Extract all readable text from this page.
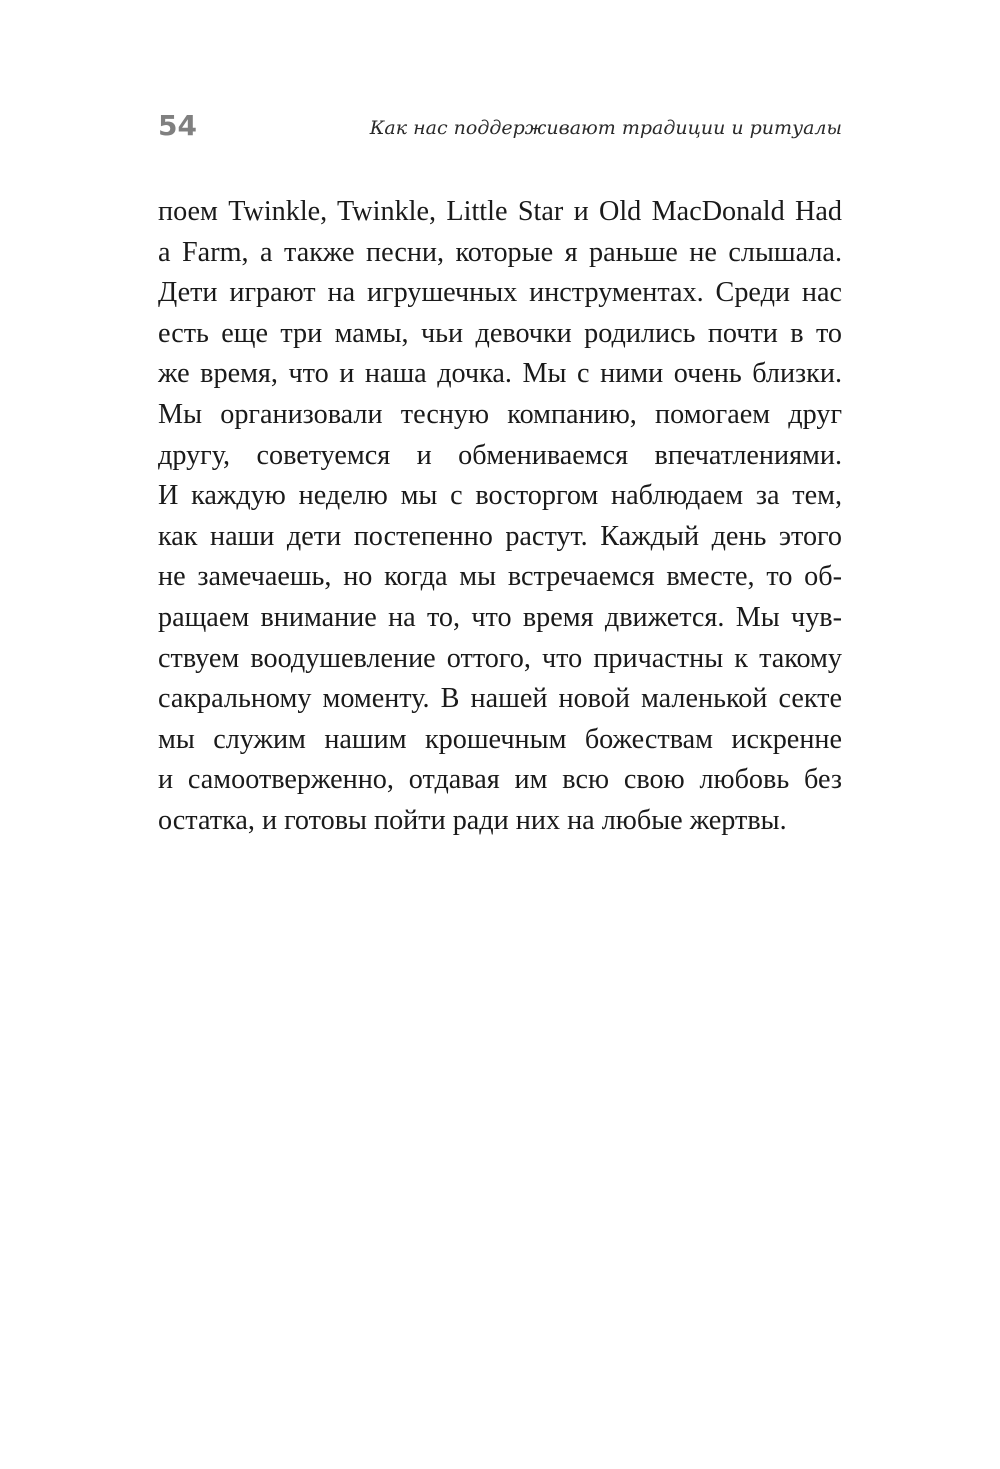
54	Как нас поддерживают традиции и ритуалы
поем Twinkle, Twinkle, Little Star и Old MacDonald Had
a Farm, а также песни, которые я раньше не слышала.
Дети играют на игрушечных инструментах. Среди нас
есть еще три мамы, чьи девочки родились почти в то
же время, что и наша дочка. Мы с ними очень близки.
Мы организовали тесную компанию, помогаем друг
другу, советуемся и обмениваемся впечатлениями.
И каждую неделю мы с восторгом наблюдаем за тем,
как наши дети постепенно растут. Каждый день этого
не замечаешь, но когда мы встречаемся вместе, то об-
ращаем внимание на то, что время движется. Мы чув-
ствуем воодушевление оттого, что причастны к такому
сакральному моменту. В нашей новой маленькой секте
мы служим нашим крошечным божествам искренне
и самоотверженно, отдавая им всю свою любовь без
остатка, и готовы пойти ради них на любые жертвы.
